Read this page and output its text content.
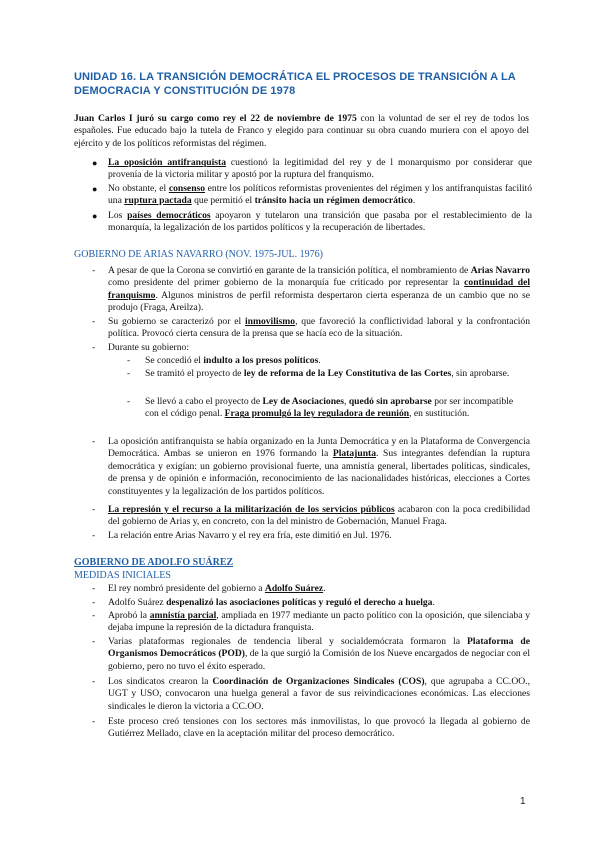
UNIDAD 16. LA TRANSICIÓN DEMOCRÁTICA EL PROCESOS DE TRANSICIÓN A LA DEMOCRACIA Y CONSTITUCIÓN DE 1978
Juan Carlos I juró su cargo como rey el 22 de noviembre de 1975 con la voluntad de ser el rey de todos los españoles. Fue educado bajo la tutela de Franco y elegido para continuar su obra cuando muriera con el apoyo del ejército y de los políticos reformistas del régimen.
● La oposición antifranquista cuestionó la legitimidad del rey y de l monarquismo por considerar que provenía de la victoria militar y apostó por la ruptura del franquismo.
● No obstante, el consenso entre los políticos reformistas provenientes del régimen y los antifranquistas facilitó una ruptura pactada que permitió el tránsito hacia un régimen democrático.
● Los países democráticos apoyaron y tutelaron una transición que pasaba por el restablecimiento de la monarquía, la legalización de los partidos políticos y la recuperación de libertades.
GOBIERNO DE ARIAS NAVARRO (NOV. 1975-JUL. 1976)
- A pesar de que la Corona se convirtió en garante de la transición política, el nombramiento de Arias Navarro como presidente del primer gobierno de la monarquía fue criticado por representar la continuidad del franquismo. Algunos ministros de perfil reformista despertaron cierta esperanza de un cambio que no se produjo (Fraga, Areilza).
- Su gobierno se caracterizó por el inmovilismo, que favoreció la conflictividad laboral y la confrontación política. Provocó cierta censura de la prensa que se hacía eco de la situación.
- Durante su gobierno:
- Se concedió el indulto a los presos políticos.
- Se tramitó el proyecto de ley de reforma de la Ley Constitutiva de las Cortes, sin aprobarse.
- Se llevó a cabo el proyecto de Ley de Asociaciones, quedó sin aprobarse por ser incompatible con el código penal. Fraga promulgó la ley reguladora de reunión, en sustitución.
- La oposición antifranquista se había organizado en la Junta Democrática y en la Plataforma de Convergencia Democrática. Ambas se unieron en 1976 formando la Platajunta. Sus integrantes defendían la ruptura democrática y exigían: un gobierno provisional fuerte, una amnistía general, libertades políticas, sindicales, de prensa y de opinión e información, reconocimiento de las nacionalidades históricas, elecciones a Cortes constituyentes y la legalización de los partidos políticos.
- La represión y el recurso a la militarización de los servicios públicos acabaron con la poca credibilidad del gobierno de Arias y, en concreto, con la del ministro de Gobernación, Manuel Fraga.
- La relación entre Arias Navarro y el rey era fría, este dimitió en Jul. 1976.
GOBIERNO DE ADOLFO SUÁREZ
MEDIDAS INICIALES
- El rey nombró presidente del gobierno a Adolfo Suárez.
- Adolfo Suárez despenalizó las asociaciones políticas y reguló el derecho a huelga.
- Aprobó la amnistía parcial, ampliada en 1977 mediante un pacto político con la oposición, que silenciaba y dejaba impune la represión de la dictadura franquista.
- Varias plataformas regionales de tendencia liberal y socialdemócrata formaron la Plataforma de Organismos Democráticos (POD), de la que surgió la Comisión de los Nueve encargados de negociar con el gobierno, pero no tuvo el éxito esperado.
- Los sindicatos crearon la Coordinación de Organizaciones Sindicales (COS), que agrupaba a CC.OO., UGT y USO, convocaron una huelga general a favor de sus reivindicaciones económicas. Las elecciones sindicales le dieron la victoria a CC.OO.
- Este proceso creó tensiones con los sectores más inmovilistas, lo que provocó la llegada al gobierno de Gutiérrez Mellado, clave en la aceptación militar del proceso democrático.
1
